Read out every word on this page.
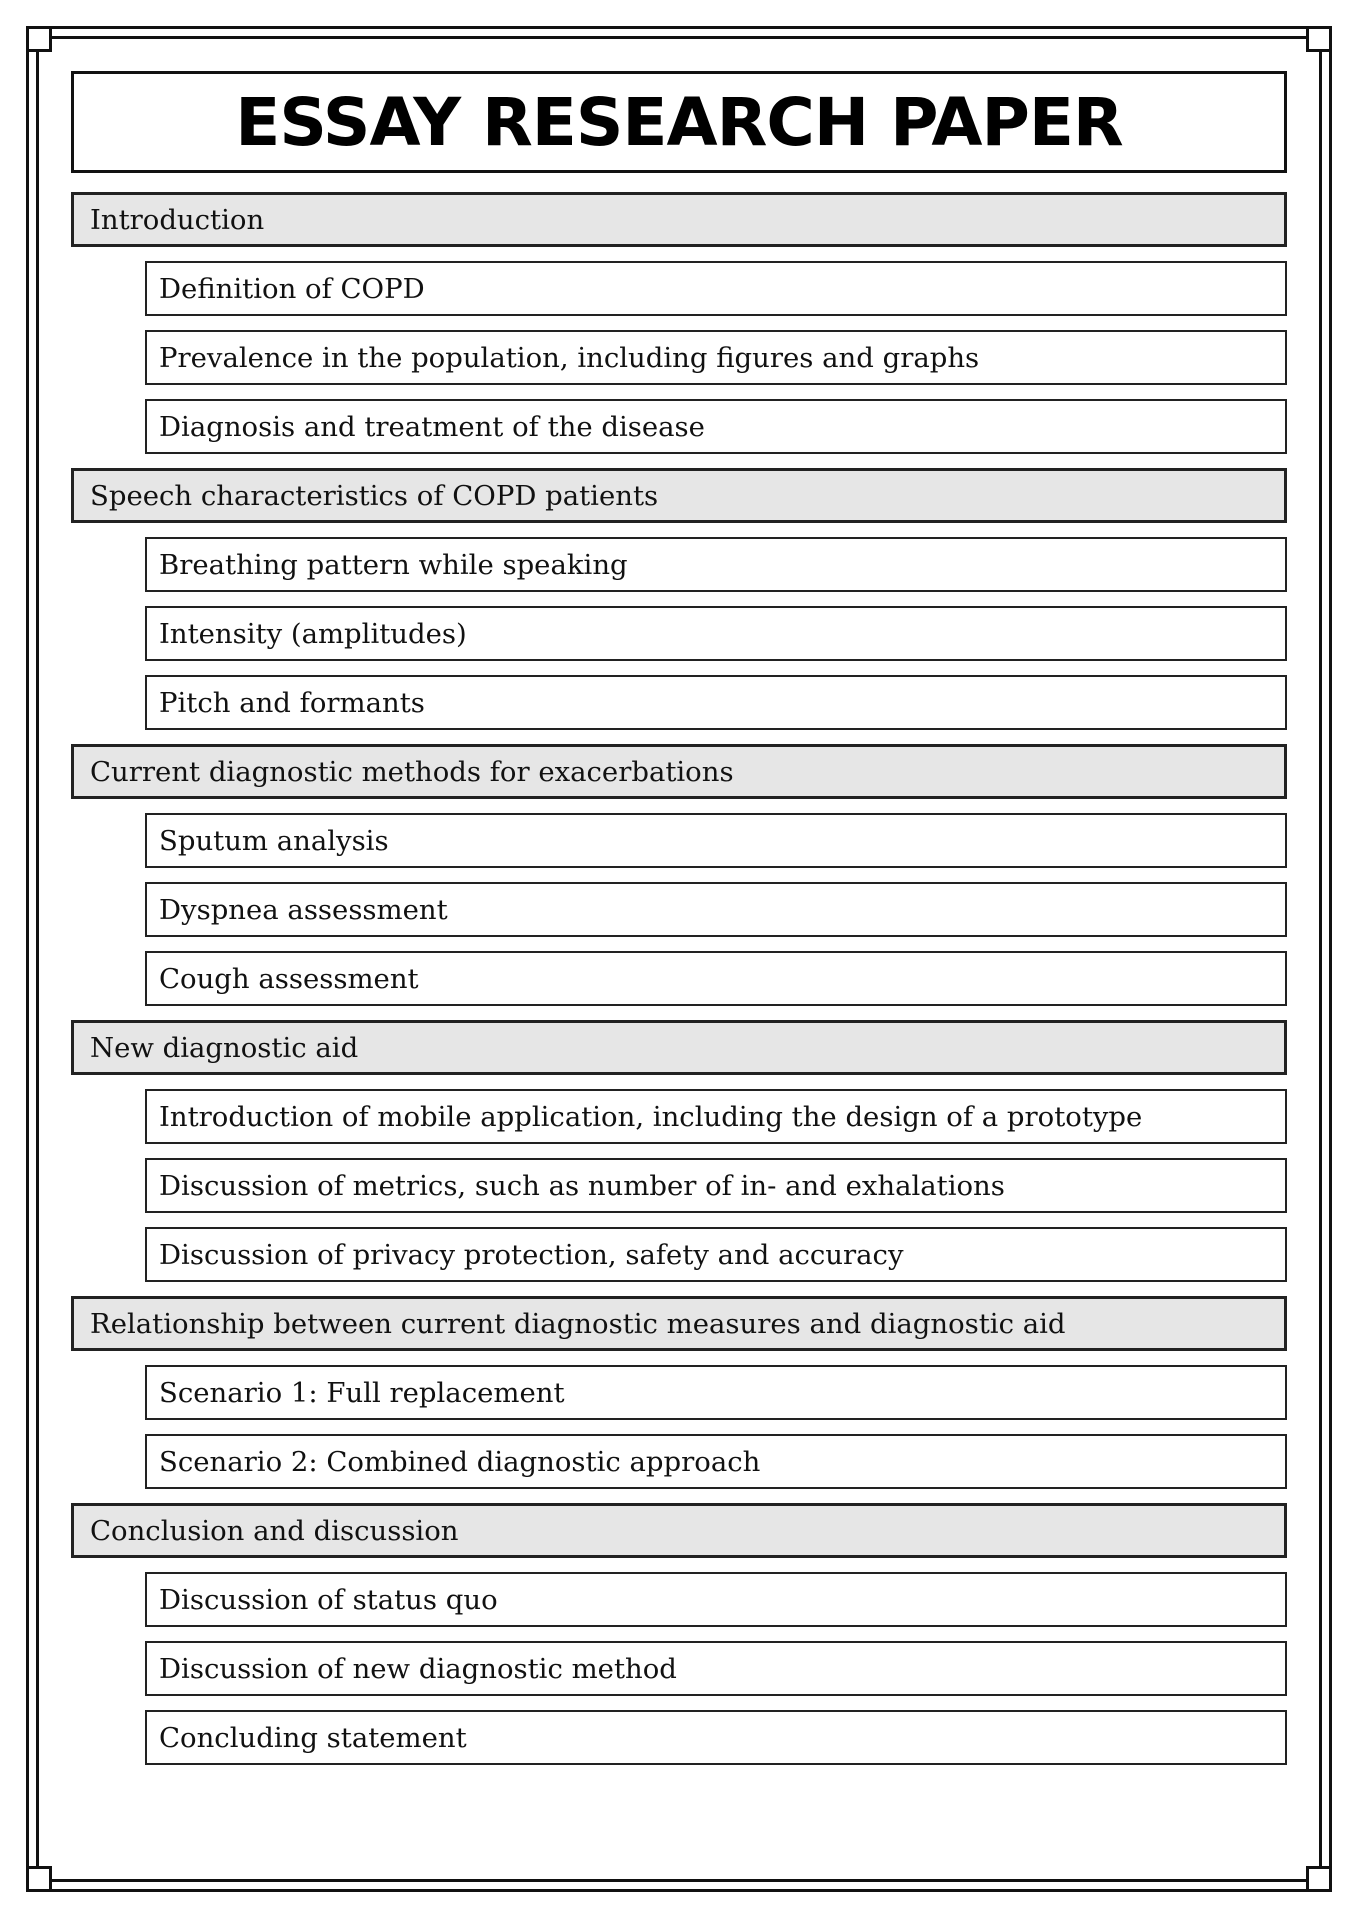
ESSAY RESEARCH PAPER
Introduction
Definition of COPD
Prevalence in the population, including figures and graphs
Diagnosis and treatment of the disease
Speech characteristics of COPD patients
Breathing pattern while speaking
Intensity (amplitudes)
Pitch and formants
Current diagnostic methods for exacerbations
Sputum analysis
Dyspnea assessment
Cough assessment
New diagnostic aid
Introduction of mobile application, including the design of a prototype
Discussion of metrics, such as number of in- and exhalations
Discussion of privacy protection, safety and accuracy
Relationship between current diagnostic measures and diagnostic aid
Scenario 1: Full replacement
Scenario 2: Combined diagnostic approach
Conclusion and discussion
Discussion of status quo
Discussion of new diagnostic method
Concluding statement
